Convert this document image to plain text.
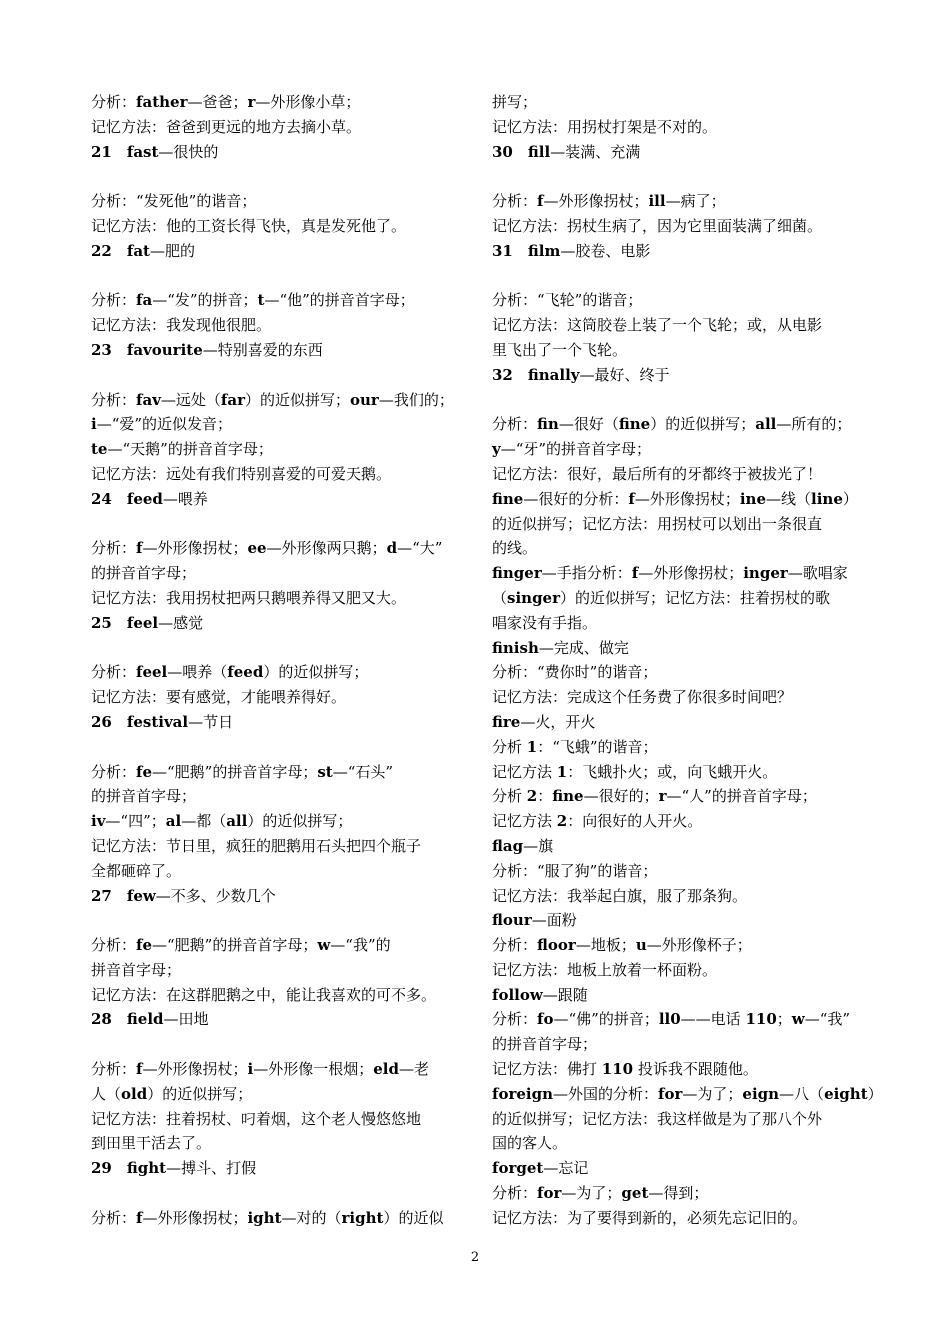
分析：father—爸爸；r—外形像小草；
记忆方法：爸爸到更远的地方去摘小草。
21　fast—很快的
分析：“发死他”的谐音；
记忆方法：他的工资长得飞快，真是发死他了。
22　fat—肥的
分析：fa—“发”的拼音；t—“他”的拼音首字母；
记忆方法：我发现他很肥。
23　favourite—特别喜爱的东西
分析：fav—远处（far）的近似拼写；our—我们的；
i—“爱”的近似发音；
te—“天鹅”的拼音首字母；
记忆方法：远处有我们特别喜爱的可爱天鹅。
24　feed—喂养
分析：f—外形像拐杖；ee—外形像两只鹅；d—“大”
的拼音首字母；
记忆方法：我用拐杖把两只鹅喂养得又肥又大。
25　feel—感觉
分析：feel—喂养（feed）的近似拼写；
记忆方法：要有感觉，才能喂养得好。
26　festival—节日
分析：fe—“肥鹅”的拼音首字母；st—“石头”
的拼音首字母；
iv—“四”；al—都（all）的近似拼写；
记忆方法：节日里，疯狂的肥鹅用石头把四个瓶子
全都砸碎了。
27　few—不多、少数几个
分析：fe—“肥鹅”的拼音首字母；w—“我”的
拼音首字母；
记忆方法：在这群肥鹅之中，能让我喜欢的可不多。
28　field—田地
分析：f—外形像拐杖；i—外形像一根烟；eld—老
人（old）的近似拼写；
记忆方法：拄着拐杖、叼着烟，这个老人慢悠悠地
到田里干活去了。
29　fight—搏斗、打假
分析：f—外形像拐杖；ight—对的（right）的近似
拼写；
记忆方法：用拐杖打架是不对的。
30　fill—装满、充满
分析：f—外形像拐杖；ill—病了；
记忆方法：拐杖生病了，因为它里面装满了细菌。
31　film—胶卷、电影
分析：“飞轮”的谐音；
记忆方法：这筒胶卷上装了一个飞轮；或，从电影
里飞出了一个飞轮。
32　finally—最好、终于
分析：fin—很好（fine）的近似拼写；all—所有的；
y—“牙”的拼音首字母；
记忆方法：很好，最后所有的牙都终于被拔光了！
fine—很好的分析：f—外形像拐杖；ine—线（line）
的近似拼写；记忆方法：用拐杖可以划出一条很直
的线。
finger—手指分析：f—外形像拐杖；inger—歌唱家
（singer）的近似拼写；记忆方法：拄着拐杖的歌
唱家没有手指。
finish—完成、做完
分析：“费你时”的谐音；
记忆方法：完成这个任务费了你很多时间吧？
fire—火，开火
分析 1：“飞蛾”的谐音；
记忆方法 1：飞蛾扑火；或，向飞蛾开火。
分析 2：fine—很好的；r—“人”的拼音首字母；
记忆方法 2：向很好的人开火。
flag—旗
分析：“服了狗”的谐音；
记忆方法：我举起白旗，服了那条狗。
flour—面粉
分析：floor—地板；u—外形像杯子；
记忆方法：地板上放着一杯面粉。
follow—跟随
分析：fo—“佛”的拼音；ll0——电话 110；w—“我”
的拼音首字母；
记忆方法：佛打 110 投诉我不跟随他。
foreign—外国的分析：for—为了；eign—八（eight）
的近似拼写；记忆方法：我这样做是为了那八个外
国的客人。
forget—忘记
分析：for—为了；get—得到；
记忆方法：为了要得到新的，必须先忘记旧的。
2
